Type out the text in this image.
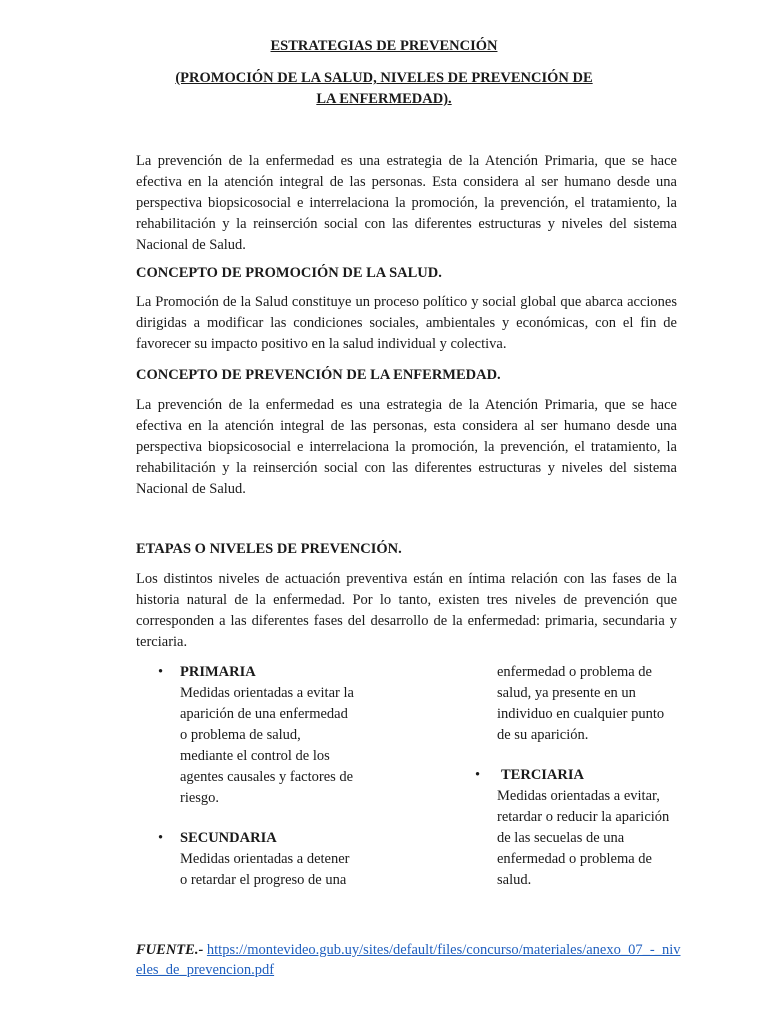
ESTRATEGIAS DE PREVENCIÓN
(PROMOCIÓN DE LA SALUD, NIVELES DE PREVENCIÓN DE LA ENFERMEDAD).

La prevención de la enfermedad es una estrategia de la Atención Primaria, que se hace efectiva en la atención integral de las personas. Esta considera al ser humano desde una perspectiva biopsicosocial e interrelaciona la promoción, la prevención, el tratamiento, la rehabilitación y la reinserción social con las diferentes estructuras y niveles del sistema Nacional de Salud.

CONCEPTO DE PROMOCIÓN DE LA SALUD.

La Promoción de la Salud constituye un proceso político y social global que abarca acciones dirigidas a modificar las condiciones sociales, ambientales y económicas, con el fin de favorecer su impacto positivo en la salud individual y colectiva.

CONCEPTO DE PREVENCIÓN DE LA ENFERMEDAD.

La prevención de la enfermedad es una estrategia de la Atención Primaria, que se hace efectiva en la atención integral de las personas, esta considera al ser humano desde una perspectiva biopsicosocial e interrelaciona la promoción, la prevención, el tratamiento, la rehabilitación y la reinserción social con las diferentes estructuras y niveles del sistema Nacional de Salud.

ETAPAS O NIVELES DE PREVENCIÓN.

Los distintos niveles de actuación preventiva están en íntima relación con las fases de la historia natural de la enfermedad. Por lo tanto, existen tres niveles de prevención que corresponden a las diferentes fases del desarrollo de la enfermedad: primaria, secundaria y terciaria.

• PRIMARIA
Medidas orientadas a evitar la
aparición de una enfermedad
o problema de salud,
mediante el control de los
agentes causales y factores de
riesgo.
• SECUNDARIA
Medidas orientadas a detener
o retardar el progreso de una
enfermedad o problema de
salud, ya presente en un
individuo en cualquier punto
de su aparición.
• TERCIARIA
Medidas orientadas a evitar,
retardar o reducir la aparición
de las secuelas de una
enfermedad o problema de
salud.
FUENTE.- https://montevideo.gub.uy/sites/default/files/concurso/materiales/anexo_07_-_niveles_de_prevencion.pdf
